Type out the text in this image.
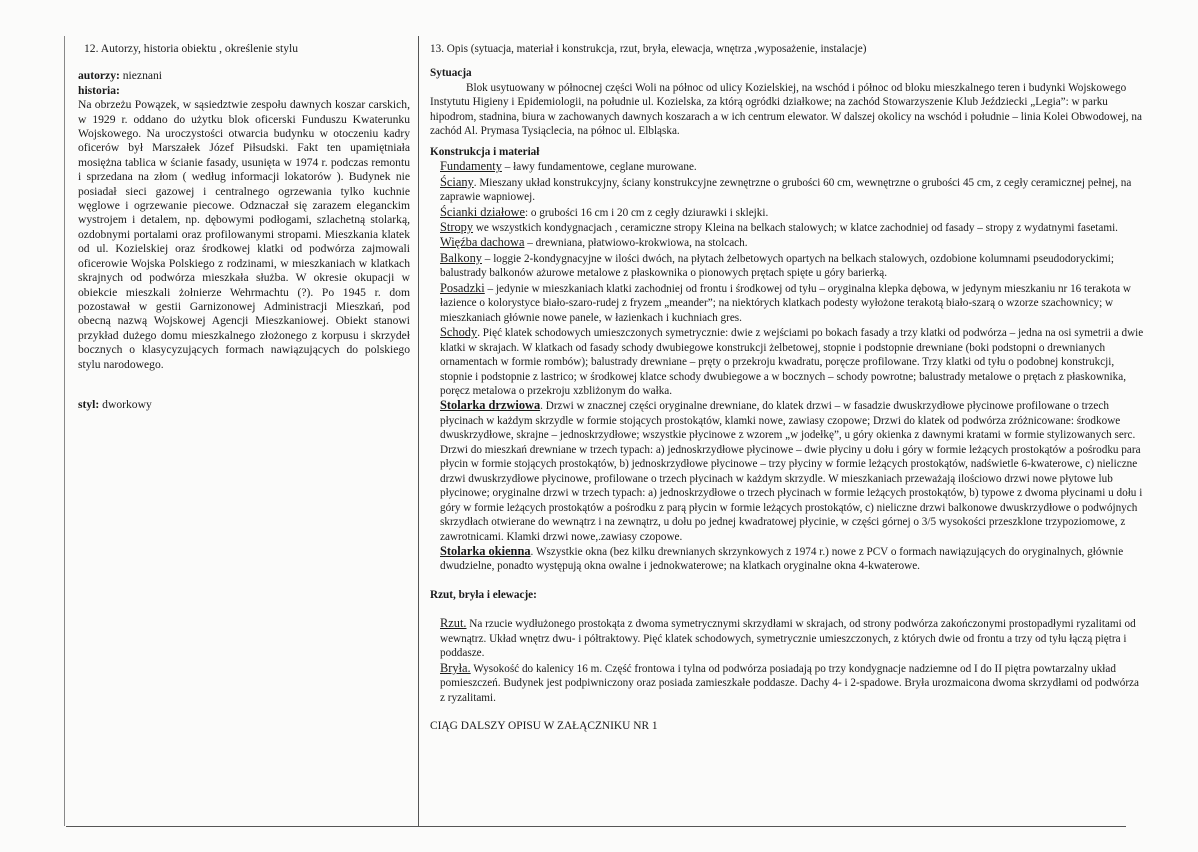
12. Autorzy, historia obiektu , określenie stylu
autorzy: nieznani
historia:

Na obrzeżu Powązek, w sąsiedztwie zespołu dawnych koszar carskich, w 1929 r. oddano do użytku blok oficerski Funduszu Kwaterunku Wojskowego. Na uroczystości otwarcia budynku w otoczeniu kadry oficerów był Marszałek Józef Piłsudski. Fakt ten upamiętniała mosiężna tablica w ścianie fasady, usunięta w 1974 r. podczas remontu i sprzedana na złom ( według informacji lokatorów ). Budynek nie posiadał sieci gazowej i centralnego ogrzewania tylko kuchnie węglowe i ogrzewanie piecowe. Odznaczał się zarazem eleganckim wystrojem i detalem, np. dębowymi podłogami, szlachetną stolarką, ozdobnymi portalami oraz profilowanymi stropami. Mieszkania klatek od ul. Kozielskiej oraz środkowej klatki od podwórza zajmowali oficerowie Wojska Polskiego z rodzinami, w mieszkaniach w klatkach skrajnych od podwórza mieszkała służba. W okresie okupacji w obiekcie mieszkali żołnierze Wehrmachtu (?). Po 1945 r. dom pozostawał w gestii Garnizonowej Administracji Mieszkań, pod obecną nazwą Wojskowej Agencji Mieszkaniowej. Obiekt stanowi przykład dużego domu mieszkalnego złożonego z korpusu i skrzydeł bocznych o klasycyzujących formach nawiązujących do polskiego stylu narodowego.

styl: dworkowy
13. Opis (sytuacja, materiał i konstrukcja, rzut, bryła, elewacja, wnętrza ,wyposażenie, instalacje)
Sytuacja

Blok usytuowany w północnej części Woli na północ od ulicy Kozielskiej, na wschód i północ od bloku mieszkalnego teren i budynki Wojskowego Instytutu Higieny i Epidemiologii, na południe ul. Kozielska, za którą ogródki działkowe; na zachód Stowarzyszenie Klub Jeździecki „Legia”: w parku hipodrom, stadnina, biura w zachowanych dawnych koszarach a w ich centrum elewator. W dalszej okolicy na wschód i południe – linia Kolei Obwodowej, na zachód Al. Prymasa Tysiąclecia, na północ ul. Elbląska.

Konstrukcja i materiał

Fundamenty – ławy fundamentowe, ceglane murowane.

Ściany. Mieszany układ konstrukcyjny, ściany konstrukcyjne zewnętrzne o grubości 60 cm, wewnętrzne o grubości 45 cm, z cegły ceramicznej pełnej, na zaprawie wapniowej.

Ścianki działowe: o grubości 16 cm i 20 cm z cegły dziurawki i sklejki.

Stropy we wszystkich kondygnacjach , ceramiczne stropy Kleina na belkach stalowych; w klatce zachodniej od fasady – stropy z wydatnymi fasetami.

Więźba dachowa – drewniana, płatwiowo-krokwiowa, na stolcach.

Balkony – loggie 2-kondygnacyjne w ilości dwóch, na płytach żelbetowych opartych na belkach stalowych, ozdobione kolumnami pseudodoryckimi; balustrady balkonów ażurowe metalowe z płaskownika o pionowych prętach spięte u góry barierką.

Posadzki – jedynie w mieszkaniach klatki zachodniej od frontu i środkowej od tyłu – oryginalna klepka dębowa, w jedynym mieszkaniu nr 16 terakota w łazience o kolorystyce biało-szaro-rudej z fryzem „meander”; na niektórych klatkach podesty wyłożone terakotą biało-szarą o wzorze szachownicy; w mieszkaniach głównie nowe panele, w łazienkach i kuchniach gres.

Schody. Pięć klatek schodowych umieszczonych symetrycznie: dwie z wejściami po bokach fasady a trzy klatki od podwórza – jedna na osi symetrii a dwie klatki w skrajach. W klatkach od fasady schody dwubiegowe konstrukcji żelbetowej, stopnie i podstopnie drewniane (boki podstopni o drewnianych ornamentach w formie rombów); balustrady drewniane – pręty o przekroju kwadratu, poręcze profilowane. Trzy klatki od tyłu o podobnej konstrukcji, stopnie i podstopnie z lastrico; w środkowej klatce schody dwubiegowe a w bocznych – schody powrotne; balustrady metalowe o prętach z płaskownika, poręcz metalowa o przekroju xzbliżonym do wałka.

Stolarka drzwiowa. Drzwi w znacznej części oryginalne drewniane, do klatek drzwi – w fasadzie dwuskrzydłowe płycinowe profilowane o trzech płycinach w każdym skrzydle w formie stojących prostokątów, klamki nowe, zawiasy czopowe; Drzwi do klatek od podwórza zróżnicowane: środkowe dwuskrzydłowe, skrajne – jednoskrzydłowe; wszystkie płycinowe z wzorem „w jodełkę”, u góry okienka z dawnymi kratami w formie stylizowanych serc. Drzwi do mieszkań drewniane w trzech typach: a) jednoskrzydłowe płycinowe – dwie płyciny u dołu i góry w formie leżących prostokątów a pośrodku para płycin w formie stojących prostokątów, b) jednoskrzydłowe płycinowe – trzy płyciny w formie leżących prostokątów, nadświetle 6-kwaterowe, c) nieliczne drzwi dwuskrzydłowe płycinowe, profilowane o trzech płycinach w każdym skrzydle. W mieszkaniach przeważają ilościowo drzwi nowe płytowe lub płycinowe; oryginalne drzwi w trzech typach: a) jednoskrzydłowe o trzech płycinach w formie leżących prostokątów, b) typowe z dwoma płycinami u dołu i góry w formie leżących prostokątów a pośrodku z parą płycin w formie leżących prostokątów, c) nieliczne drzwi balkonowe dwuskrzydłowe o podwójnych skrzydłach otwierane do wewnątrz i na zewnątrz, u dołu po jednej kwadratowej płycinie, w części górnej o 3/5 wysokości przeszklone trzypoziomowe, z zawrotnicami. Klamki drzwi nowe,.zawiasy czopowe.

Stolarka okienna. Wszystkie okna (bez kilku drewnianych skrzynkowych z 1974 r.) nowe z PCV o formach nawiązujących do oryginalnych, głównie dwudzielne, ponadto występują okna owalne i jednokwaterowe; na klatkach oryginalne okna 4-kwaterowe.

Rzut, bryła i elewacje:

Rzut. Na rzucie wydłużonego prostokąta z dwoma symetrycznymi skrzydłami w skrajach, od strony podwórza zakończonymi prostopadłymi ryzalitami od wewnątrz. Układ wnętrz dwu- i półtraktowy. Pięć klatek schodowych, symetrycznie umieszczonych, z których dwie od frontu a trzy od tyłu łączą piętra i poddasze.

Bryła. Wysokość do kalenicy 16 m. Część frontowa i tylna od podwórza posiadają po trzy kondygnacje nadziemne od I do II piętra powtarzalny układ pomieszczeń. Budynek jest podpiwniczony oraz posiada zamieszkałe poddasze. Dachy 4- i 2-spadowe. Bryła urozmaicona dwoma skrzydłami od podwórza z ryzalitami.

CIĄG DALSZY OPISU W ZAŁĄCZNIKU NR 1
